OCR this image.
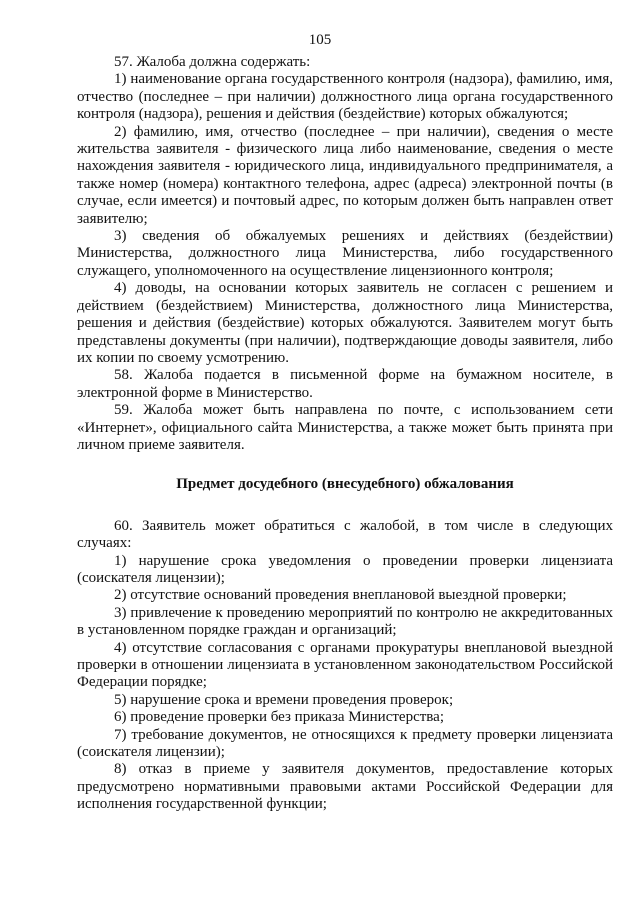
105

57. Жалоба должна содержать:

1) наименование органа государственного контроля (надзора), фамилию, имя, отчество (последнее – при наличии) должностного лица органа государственного контроля (надзора), решения и действия (бездействие) которых обжалуются;

2) фамилию, имя, отчество (последнее – при наличии), сведения о месте жительства заявителя - физического лица либо наименование, сведения о месте нахождения заявителя - юридического лица, индивидуального предпринимателя, а также номер (номера) контактного телефона, адрес (адреса) электронной почты (в случае, если имеется) и почтовый адрес, по которым должен быть направлен ответ заявителю;

3) сведения об обжалуемых решениях и действиях (бездействии) Министерства, должностного лица Министерства, либо государственного служащего, уполномоченного на осуществление лицензионного контроля;

4) доводы, на основании которых заявитель не согласен с решением и действием (бездействием) Министерства, должностного лица Министерства, решения и действия (бездействие) которых обжалуются. Заявителем могут быть представлены документы (при наличии), подтверждающие доводы заявителя, либо их копии по своему усмотрению.

58. Жалоба подается в письменной форме на бумажном носителе, в электронной форме в Министерство.

59. Жалоба может быть направлена по почте, с использованием сети «Интернет», официального сайта Министерства, а также может быть принята при личном приеме заявителя.

Предмет досудебного (внесудебного) обжалования

60. Заявитель может обратиться с жалобой, в том числе в следующих случаях:

1) нарушение срока уведомления о проведении проверки лицензиата (соискателя лицензии);

2) отсутствие оснований проведения внеплановой выездной проверки;

3) привлечение к проведению мероприятий по контролю не аккредитованных в установленном порядке граждан и организаций;

4) отсутствие согласования с органами прокуратуры внеплановой выездной проверки в отношении лицензиата в установленном законодательством Российской Федерации порядке;

5) нарушение срока и времени проведения проверок;

6) проведение проверки без приказа Министерства;

7) требование документов, не относящихся к предмету проверки лицензиата (соискателя лицензии);

8) отказ в приеме у заявителя документов, предоставление которых предусмотрено нормативными правовыми актами Российской Федерации для исполнения государственной функции;
